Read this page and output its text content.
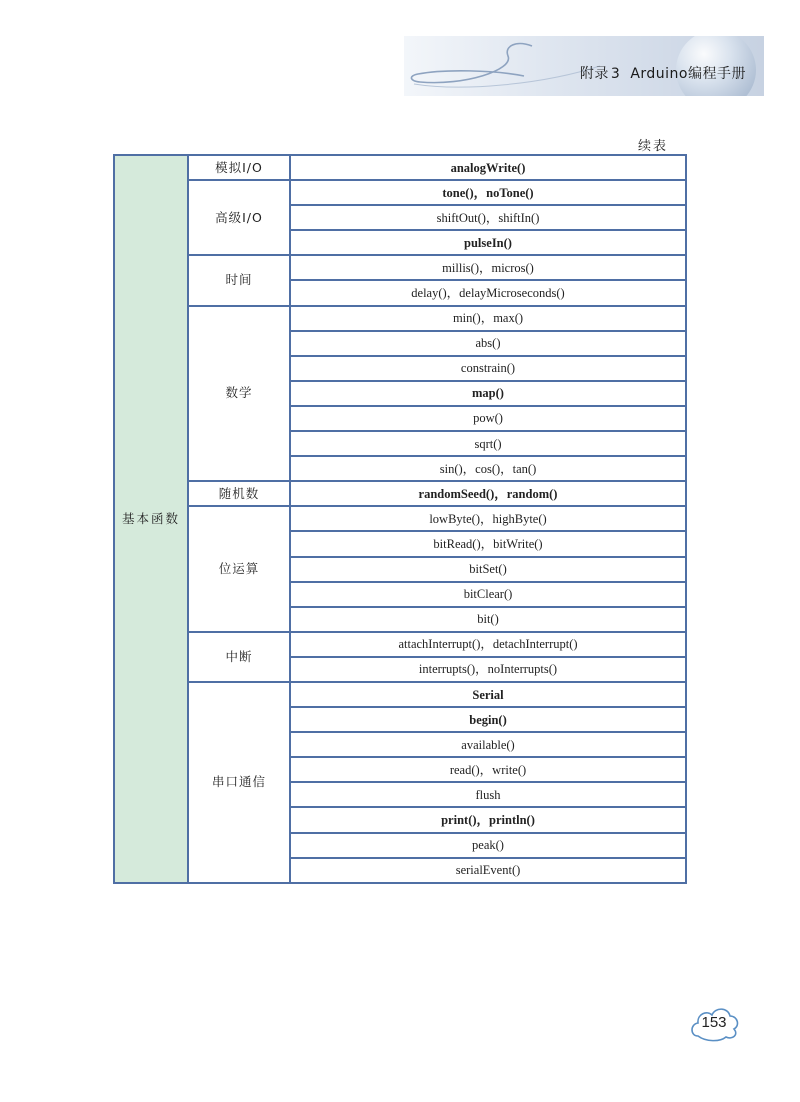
附录 3 Arduino编程手册
续表
基本函数	模拟I/O	analogWrite()
	高级I/O	tone()，noTone()
		shiftOut()，shiftIn()
		pulseIn()
	时间	millis()，micros()
		delay()，delayMicroseconds()
	数学	min()，max()
		abs()
		constrain()
		map()
		pow()
		sqrt()
		sin()，cos()，tan()
	随机数	randomSeed()，random()
	位运算	lowByte()，highByte()
		bitRead()，bitWrite()
		bitSet()
		bitClear()
		bit()
	中断	attachInterrupt()，detachInterrupt()
		interrupts()，noInterrupts()
	串口通信	Serial
		begin()
		available()
		read()，write()
		flush
		print()，println()
		peak()
		serialEvent()
153
